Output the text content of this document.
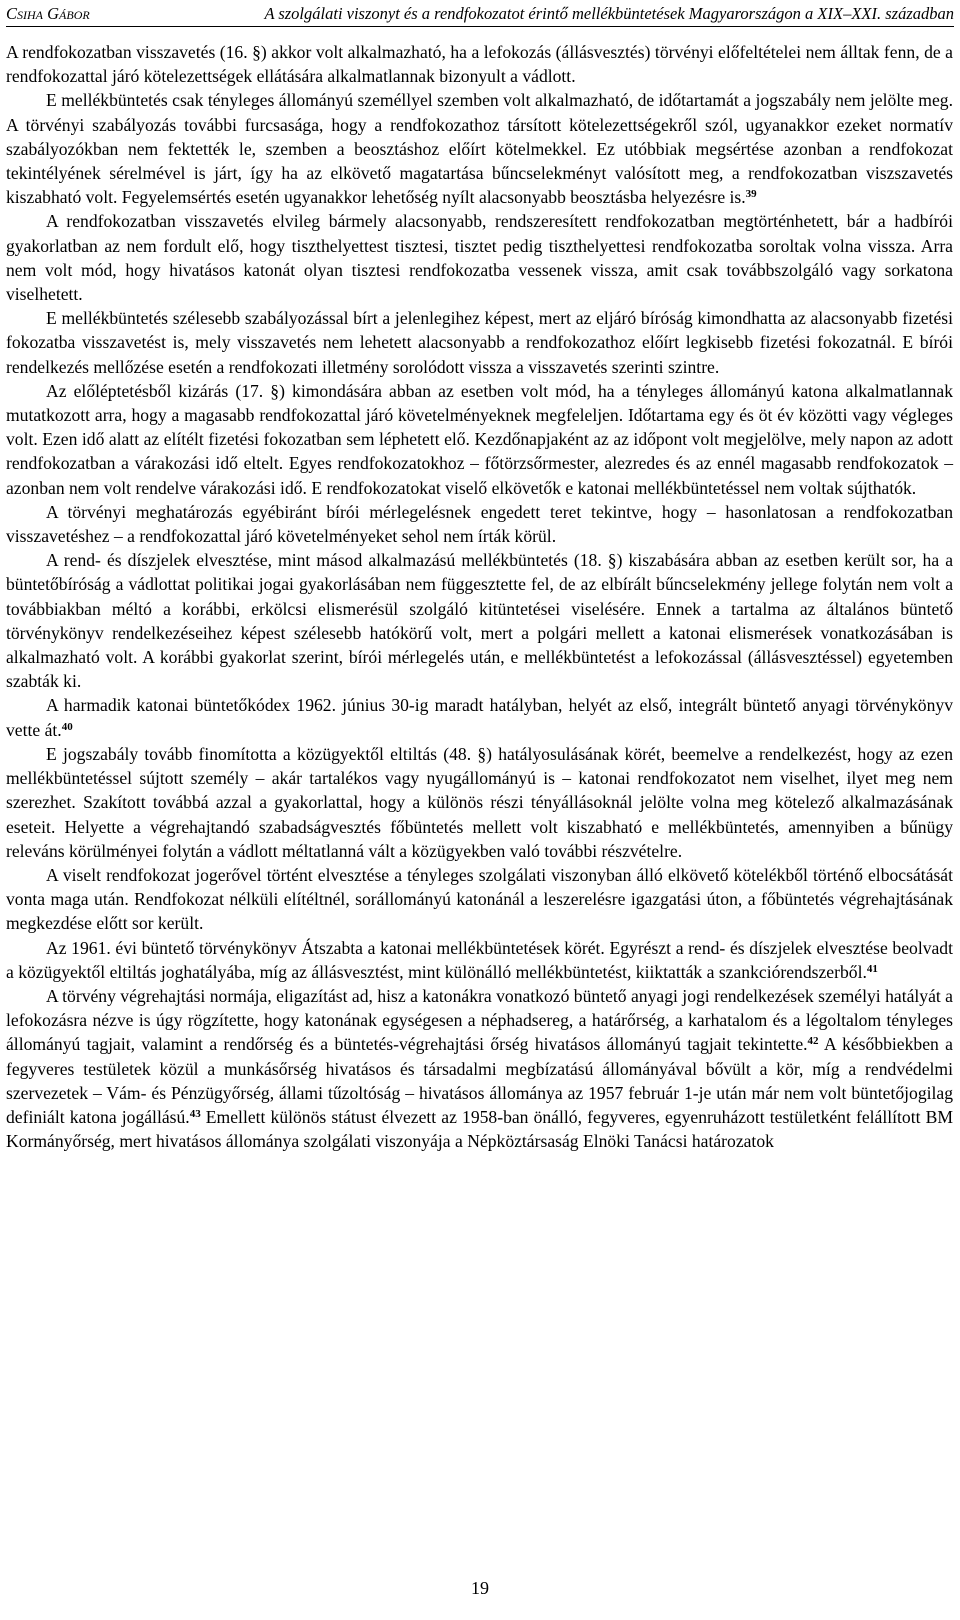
Csiha Gábor	A szolgálati viszonyt és a rendfokozatot érintő mellékbüntetések Magyarországon a XIX–XXI. században

A rendfokozatban visszavetés (16. §) akkor volt alkalmazható, ha a lefokozás (állásvesztés) törvényi előfeltételei nem álltak fenn, de a rendfokozattal járó kötelezettségek ellátására alkalmatlannak bizonyult a vádlott.

E mellékbüntetés csak tényleges állományú személlyel szemben volt alkalmazható, de időtartamát a jogszabály nem jelölte meg. A törvényi szabályozás további furcsasága, hogy a rendfokozathoz társított kötelezettségekről szól, ugyanakkor ezeket normatív szabályozókban nem fektették le, szemben a beosztáshoz előírt kötelmekkel. Ez utóbbiak megsértése azonban a rendfokozat tekintélyének sérelmével is járt, így ha az elkövető magatartása bűncselekményt valósított meg, a rendfokozatban viszszavetés kiszabható volt. Fegyelemsértés esetén ugyanakkor lehetőség nyílt alacsonyabb beosztásba helyezésre is.$^{39}$

A rendfokozatban visszavetés elvileg bármely alacsonyabb, rendszeresített rendfokozatban megtörténhetett, bár a hadbírói gyakorlatban az nem fordult elő, hogy tiszthelyettest tisztesi, tisztet pedig tiszthelyettesi rendfokozatba soroltak volna vissza. Arra nem volt mód, hogy hivatásos katonát olyan tisztesi rendfokozatba vessenek vissza, amit csak továbbszolgáló vagy sorkatona viselhetett.

E mellékbüntetés szélesebb szabályozással bírt a jelenlegihez képest, mert az eljáró bíróság kimondhatta az alacsonyabb fizetési fokozatba visszavetést is, mely visszavetés nem lehetett alacsonyabb a rendfokozathoz előírt legkisebb fizetési fokozatnál. E bírói rendelkezés mellőzése esetén a rendfokozati illetmény sorolódott vissza a visszavetés szerinti szintre.

Az előléptetésből kizárás (17. §) kimondására abban az esetben volt mód, ha a tényleges állományú katona alkalmatlannak mutatkozott arra, hogy a magasabb rendfokozattal járó követelményeknek megfeleljen. Időtartama egy és öt év közötti vagy végleges volt. Ezen idő alatt az elítélt fizetési fokozatban sem léphetett elő. Kezdőnapjaként az az időpont volt megjelölve, mely napon az adott rendfokozatban a várakozási idő eltelt. Egyes rendfokozatokhoz – főtörzsőrmester, alezredes és az ennél magasabb rendfokozatok – azonban nem volt rendelve várakozási idő. E rendfokozatokat viselő elkövetők e katonai mellékbüntetéssel nem voltak sújthatók.

A törvényi meghatározás egyébiránt bírói mérlegelésnek engedett teret tekintve, hogy – hasonlatosan a rendfokozatban visszavetéshez – a rendfokozattal járó követelményeket sehol nem írták körül.

A rend- és díszjelek elvesztése, mint másod alkalmazású mellékbüntetés (18. §) kiszabására abban az esetben került sor, ha a büntetőbíróság a vádlottat politikai jogai gyakorlásában nem függesztette fel, de az elbírált bűncselekmény jellege folytán nem volt a továbbiakban méltó a korábbi, erkölcsi elismerésül szolgáló kitüntetései viselésére. Ennek a tartalma az általános büntető törvénykönyv rendelkezéseihez képest szélesebb hatókörű volt, mert a polgári mellett a katonai elismerések vonatkozásában is alkalmazható volt. A korábbi gyakorlat szerint, bírói mérlegelés után, e mellékbüntetést a lefokozással (állásvesztéssel) egyetemben szabták ki.

A harmadik katonai büntetőkódex 1962. június 30-ig maradt hatályban, helyét az első, integrált büntető anyagi törvénykönyv vette át.$^{40}$

E jogszabály tovább finomította a közügyektől eltiltás (48. §) hatályosulásának körét, beemelve a rendelkezést, hogy az ezen mellékbüntetéssel sújtott személy – akár tartalékos vagy nyugállományú is – katonai rendfokozatot nem viselhet, ilyet meg nem szerezhet. Szakított továbbá azzal a gyakorlattal, hogy a különös részi tényállásoknál jelölte volna meg kötelező alkalmazásának eseteit. Helyette a végrehajtandó szabadságvesztés főbüntetés mellett volt kiszabható e mellékbüntetés, amennyiben a bűnügy releváns körülményei folytán a vádlott méltatlanná vált a közügyekben való további részvételre.

A viselt rendfokozat jogerővel történt elvesztése a tényleges szolgálati viszonyban álló elkövető kötelékből történő elbocsátását vonta maga után. Rendfokozat nélküli elítéltnél, sorállományú katonánál a leszerelésre igazgatási úton, a főbüntetés végrehajtásának megkezdése előtt sor került.

Az 1961. évi büntető törvénykönyv Átszabta a katonai mellékbüntetések körét. Egyrészt a rend- és díszjelek elvesztése beolvadt a közügyektől eltiltás joghatályába, míg az állásvesztést, mint különálló mellékbüntetést, kiiktatták a szankciórendszerből.$^{41}$

A törvény végrehajtási normája, eligazítást ad, hisz a katonákra vonatkozó büntető anyagi jogi rendelkezések személyi hatályát a lefokozásra nézve is úgy rögzítette, hogy katonának egységesen a néphadsereg, a határőrség, a karhatalom és a légoltalom tényleges állományú tagjait, valamint a rendőrség és a büntetés-végrehajtási őrség hivatásos állományú tagjait tekintette.$^{42}$ A későbbiekben a fegyveres testületek közül a munkásőrség hivatásos és társadalmi megbízatású állományával bővült a kör, míg a rendvédelmi szervezetek – Vám- és Pénzügyőrség, állami tűzoltóság – hivatásos állománya az 1957 február 1-je után már nem volt büntetőjogilag definiált katona jogállású.$^{43}$ Emellett különös státust élvezett az 1958-ban önálló, fegyveres, egyenruházott testületként felállított BM Kormányőrség, mert hivatásos állománya szolgálati viszonyája a Népköztársaság Elnöki Tanácsi határozatok

19
